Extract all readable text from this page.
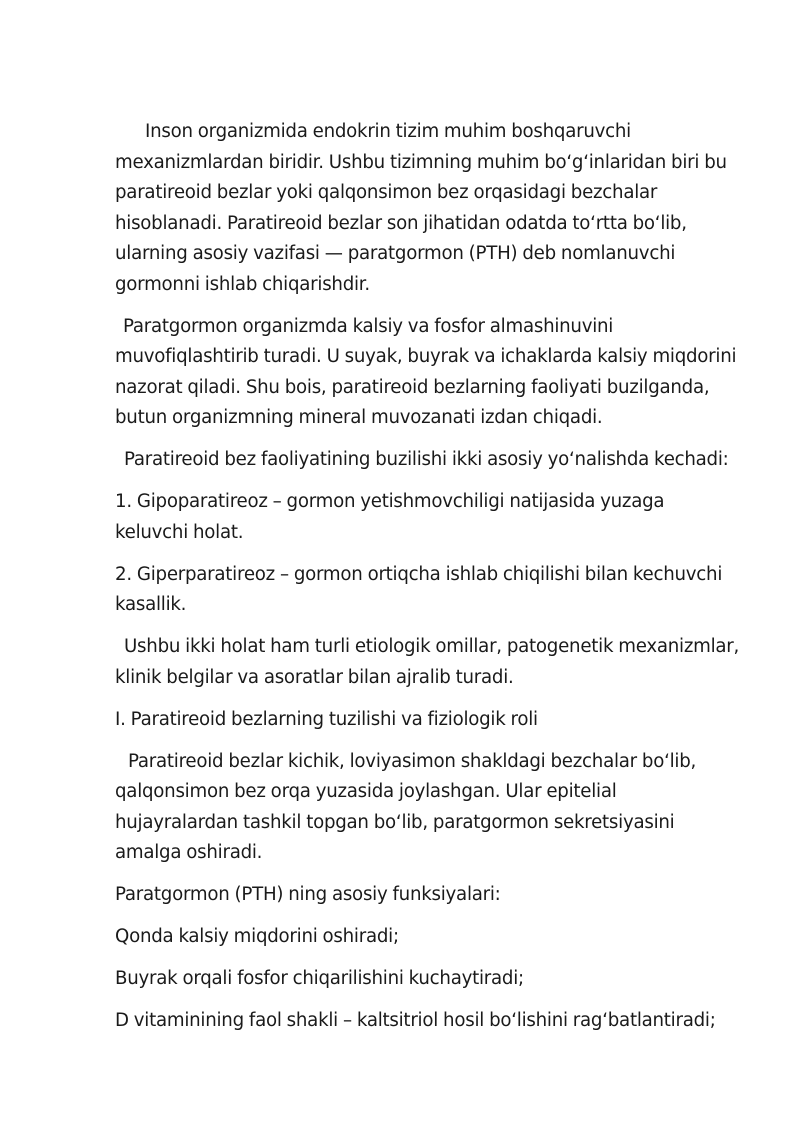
Inson organizmida endokrin tizim muhim boshqaruvchi mexanizmlardan biridir. Ushbu tizimning muhim boʻgʻinlaridan biri bu paratireoid bezlar yoki qalqonsimon bez orqasidagi bezchalar hisoblanadi. Paratireoid bezlar son jihatidan odatda toʻrtta boʻlib, ularning asosiy vazifasi — paratgormon (PTH) deb nomlanuvchi gormonni ishlab chiqarishdir.

Paratgormon organizmda kalsiy va fosfor almashinuvini muvofiqlashtirib turadi. U suyak, buyrak va ichaklarda kalsiy miqdorini nazorat qiladi. Shu bois, paratireoid bezlarning faoliyati buzilganda, butun organizmning mineral muvozanati izdan chiqadi.

Paratireoid bez faoliyatining buzilishi ikki asosiy yoʻnalishda kechadi:

1. Gipoparatireoz – gormon yetishmovchiligi natijasida yuzaga keluvchi holat.

2. Giperparatireoz – gormon ortiqcha ishlab chiqilishi bilan kechuvchi kasallik.

Ushbu ikki holat ham turli etiologik omillar, patogenetik mexanizmlar, klinik belgilar va asoratlar bilan ajralib turadi.

I. Paratireoid bezlarning tuzilishi va fiziologik roli

Paratireoid bezlar kichik, loviyasimon shakldagi bezchalar boʻlib, qalqonsimon bez orqa yuzasida joylashgan. Ular epitelial hujayralardan tashkil topgan boʻlib, paratgormon sekretsiyasini amalga oshiradi.

Paratgormon (PTH) ning asosiy funksiyalari:

Qonda kalsiy miqdorini oshiradi;

Buyrak orqali fosfor chiqarilishini kuchaytiradi;

D vitaminining faol shakli – kaltsitriol hosil boʻlishini ragʻbatlantiradi;
